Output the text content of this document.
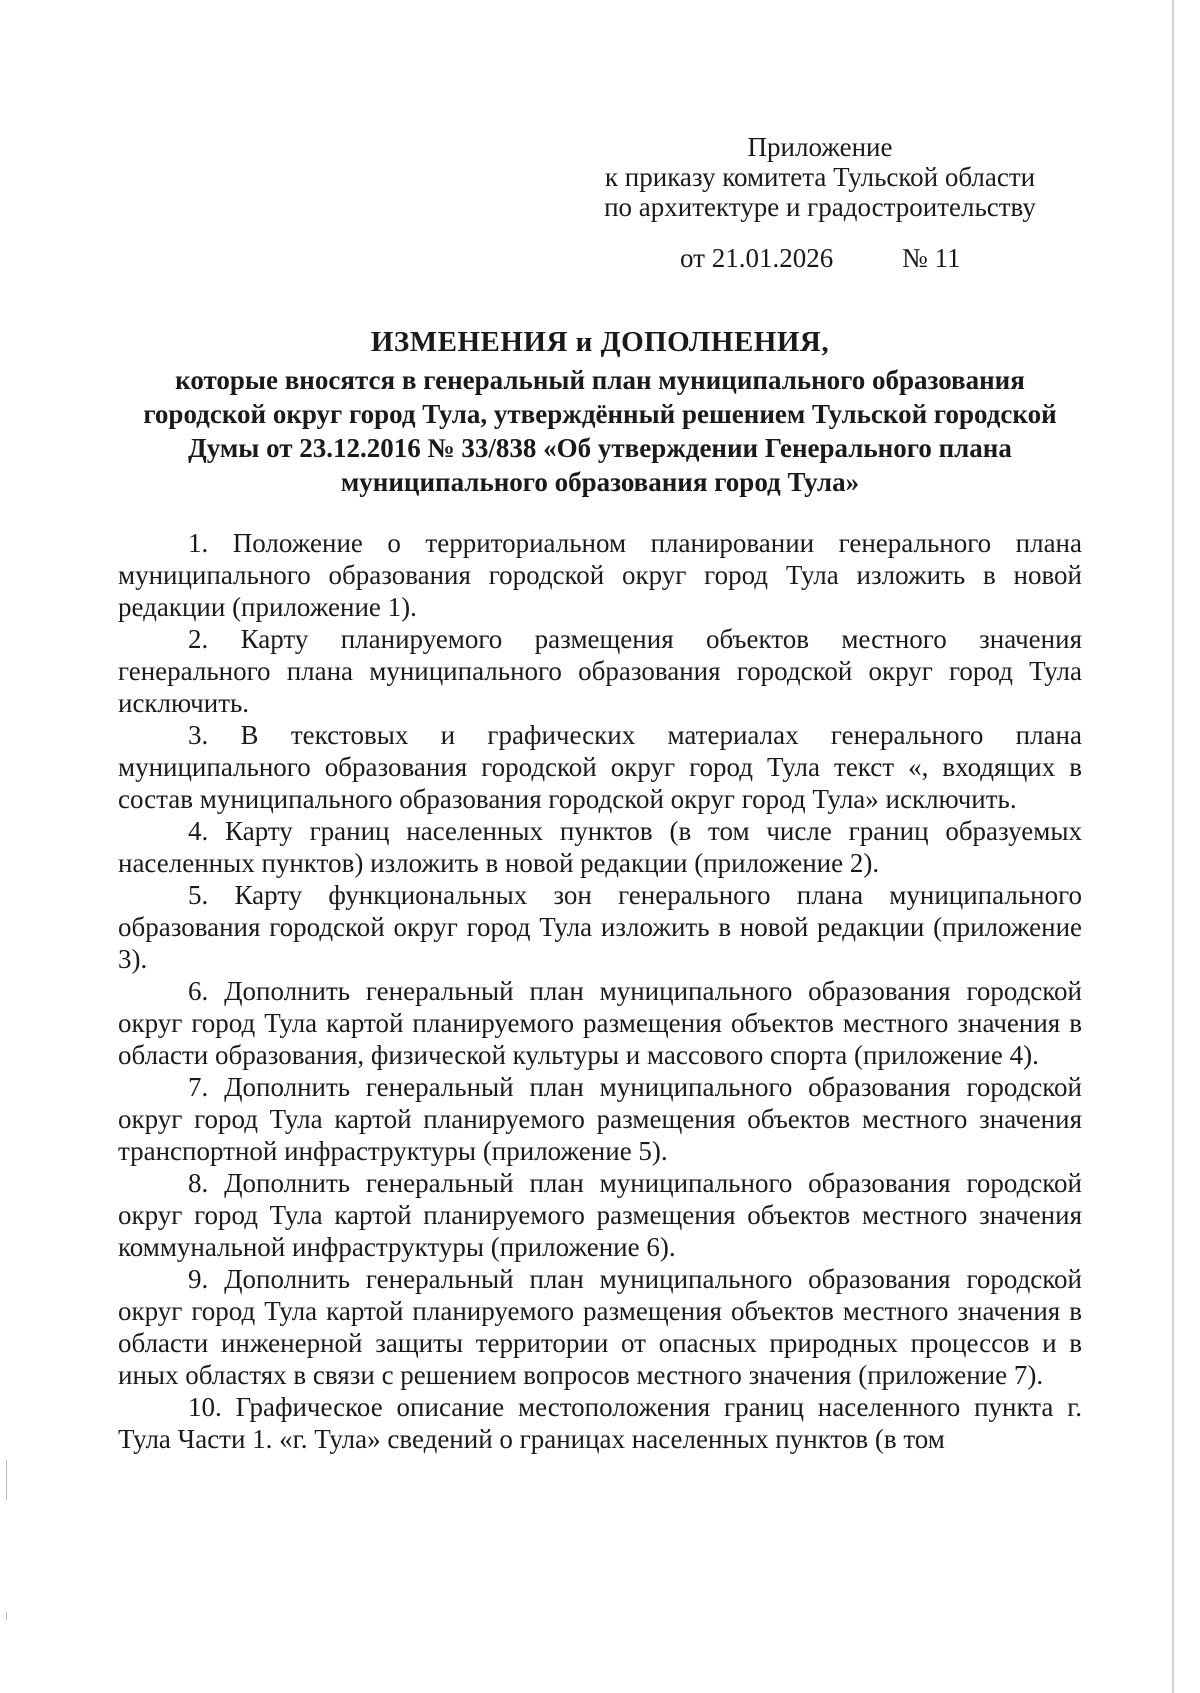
Приложение
к приказу комитета Тульской области
по архитектуре и градостроительству
от 21.01.2026	№ 11
ИЗМЕНЕНИЯ и ДОПОЛНЕНИЯ,
которые вносятся в генеральный план муниципального образования
городской округ город Тула, утверждённый решением Тульской городской
Думы от 23.12.2016 № 33/838 «Об утверждении Генерального плана
муниципального образования город Тула»

1. Положение о территориальном планировании генерального плана муниципального образования городской округ город Тула изложить в новой редакции (приложение 1).

2. Карту планируемого размещения объектов местного значения генерального плана муниципального образования городской округ город Тула исключить.

3. В текстовых и графических материалах генерального плана муниципального образования городской округ город Тула текст «, входящих в состав муниципального образования городской округ город Тула» исключить.

4. Карту границ населенных пунктов (в том числе границ образуемых населенных пунктов) изложить в новой редакции (приложение 2).

5. Карту функциональных зон генерального плана муниципального образования городской округ город Тула изложить в новой редакции (приложение 3).

6. Дополнить генеральный план муниципального образования городской округ город Тула картой планируемого размещения объектов местного значения в области образования, физической культуры и массового спорта (приложение 4).

7. Дополнить генеральный план муниципального образования городской округ город Тула картой планируемого размещения объектов местного значения транспортной инфраструктуры (приложение 5).

8. Дополнить генеральный план муниципального образования городской округ город Тула картой планируемого размещения объектов местного значения коммунальной инфраструктуры (приложение 6).

9. Дополнить генеральный план муниципального образования городской округ город Тула картой планируемого размещения объектов местного значения в области инженерной защиты территории от опасных природных процессов и в иных областях в связи с решением вопросов местного значения (приложение 7).

10. Графическое описание местоположения границ населенного пункта г. Тула Части 1. «г. Тула» сведений о границах населенных пунктов (в том
